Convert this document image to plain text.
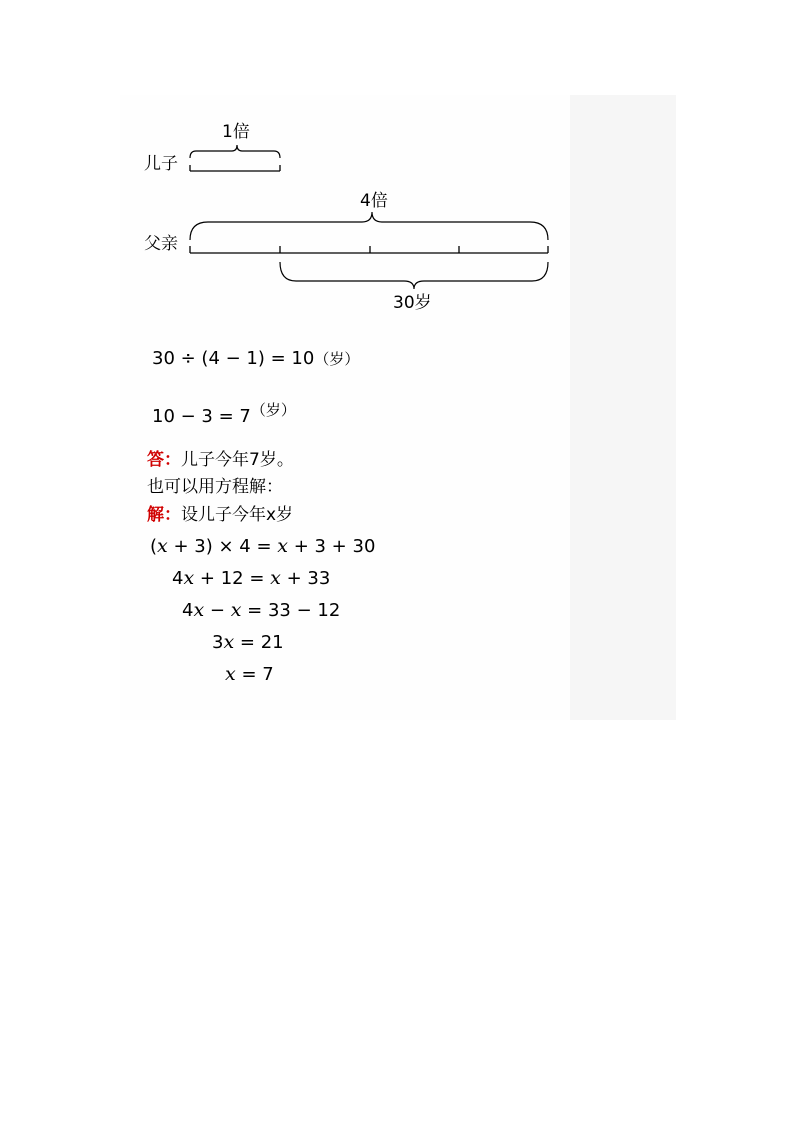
1倍
儿子
4倍
父亲
30岁
30 ÷ (4 − 1) = 10（岁）
$10 - 3 = 7^{(岁)}$
答：儿子今年7岁。
也可以用方程解：
解：设儿子今年x岁
(x + 3) × 4 = x + 3 + 30
4x + 12 = x + 33
4x − x = 33 − 12
3x = 21
x = 7
